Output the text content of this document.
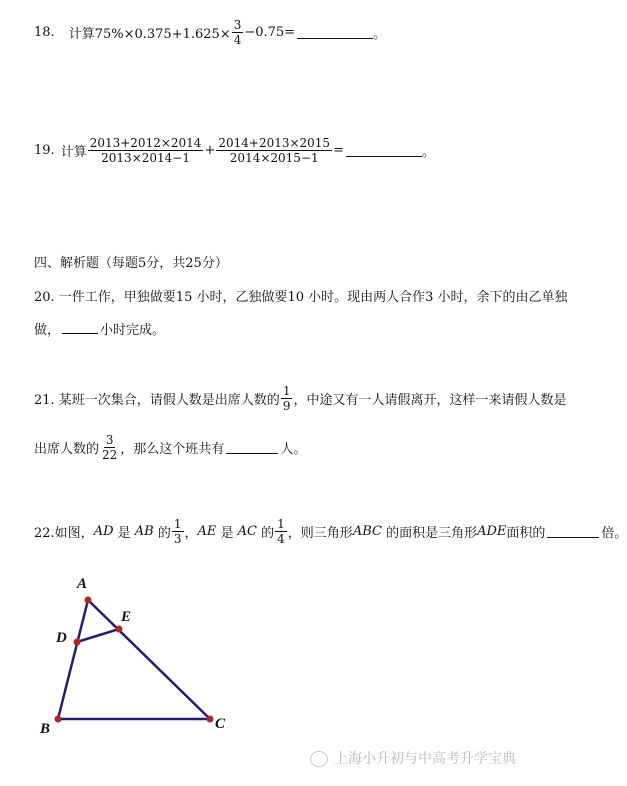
18. 计算$75\%\times 0.375+1.625\times \frac{3}{4} -0.75=$	。
19. 计算 $\frac{2013+2012\times 2014}{2013\times 2014-1} + \frac{2014+2013\times 2015}{2014\times 2015-1}$ =	。
四、解析题（每题5分，共25分）
20. 一件工作，甲独做要15 小时，乙独做要10 小时。现由两人合作3 小时，余下的由乙单独
做，	小时完成。
21. 某班一次集合，请假人数是出席人数的 $\frac{1}{9}$ ，中途又有一人请假离开，这样一来请假人数是
出席人数的 $\frac{3}{22}$ ，那么这个班共有	人。
22.如图， AD 是 AB 的 $\frac{1}{3}$ ， AE 是 AC 的 $\frac{1}{4}$ ，则三角形 ABC 的面积是三角形 ADE 面积的	倍。
A
E
D
B	C
上海小升初与中高考升学宝典
